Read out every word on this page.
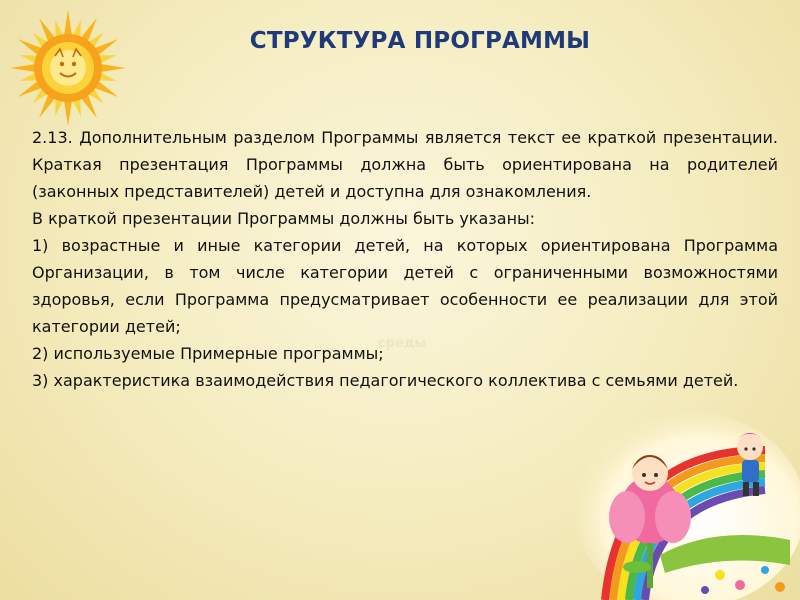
СТРУКТУРА ПРОГРАММЫ

2.13. Дополнительным разделом Программы является текст ее краткой презентации. Краткая презентация Программы должна быть ориентирована на родителей (законных представителей) детей и доступна для ознакомления.

В краткой презентации Программы должны быть указаны:

1) возрастные и иные категории детей, на которых ориентирована Программа Организации, в том числе категории детей с ограниченными возможностями здоровья, если Программа предусматривает особенности ее реализации для этой категории детей;

2) используемые Примерные программы;

3) характеристика взаимодействия педагогического коллектива с семьями детей.

среды
